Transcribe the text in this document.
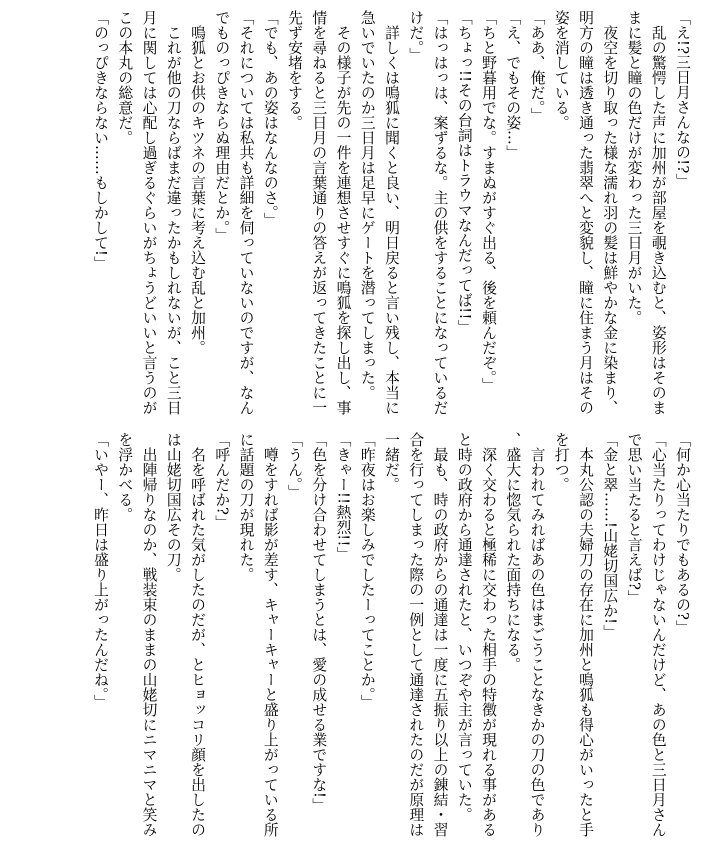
「え!?三日月さんなの!?」

　乱の驚愕した声に加州が部屋を覗き込むと、姿形はそのままに髪と瞳の色だけが変わった三日月がいた。

　夜空を切り取った様な濡れ羽の髪は鮮やかな金に染まり、明方の瞳は透き通った翡翠へと変貌し、瞳に住まう月はその姿を消している。

「ああ、俺だ。」

「え、でもその姿…」

「ちと野暮用でな。すまぬがすぐ出る、後を頼んだぞ。」

「ちょっ!!その台詞はトラウマなんだってば!!」

「はっはっは、案ずるな。主の供をすることになっているだけだ。」

　詳しくは鳴狐に聞くと良い、明日戻ると言い残し、本当に急いでいたのか三日月は足早にゲートを潜ってしまった。

　その様子が先の一件を連想させすぐに鳴狐を探し出し、事情を尋ねると三日月の言葉通りの答えが返ってきたことに一先ず安堵をする。

「でも、あの姿はなんなのさ。」

「それについては私共も詳細を伺っていないのですが、なんでものっぴきならぬ理由だとか。」

　鳴狐とお供のキツネの言葉に考え込む乱と加州。

　これが他の刀ならばまだ違ったかもしれないが、こと三日月に関しては心配し過ぎるぐらいがちょうどいいと言うのがこの本丸の総意だ。

「のっぴきならない……もしかして!」

「何か心当たりでもあるの?」

「心当たりってわけじゃないんだけど、あの色と三日月さんで思い当たると言えば?」

「金と翠……!山姥切国広か!」

　本丸公認の夫婦刀の存在に加州と鳴狐も得心がいったと手を打つ。

　言われてみればあの色はまごうことなきかの刀の色であり、盛大に惚気られた面持ちになる。

　深く交わると極稀に交わった相手の特徴が現れる事があると時の政府から通達されたと、いつぞや主が言っていた。

　最も、時の政府からの通達は一度に五振り以上の錬結・習合を行ってしまった際の一例として通達されたのだが原理は一緒だ。

「昨夜はお楽しみでしたーってことか。」

「きゃー!!熱烈!!」

「色を分け合わせてしまうとは、愛の成せる業ですな!」

「うん。」

　噂をすれば影が差す、キャーキャーと盛り上がっている所に話題の刀が現れた。

「呼んだか?」

　名を呼ばれた気がしたのだが、とヒョッコリ顔を出したのは山姥切国広その刀。

　出陣帰りなのか、戦装束のままの山姥切にニマニマと笑みを浮かべる。

「いやー、昨日は盛り上がったんだね。」
